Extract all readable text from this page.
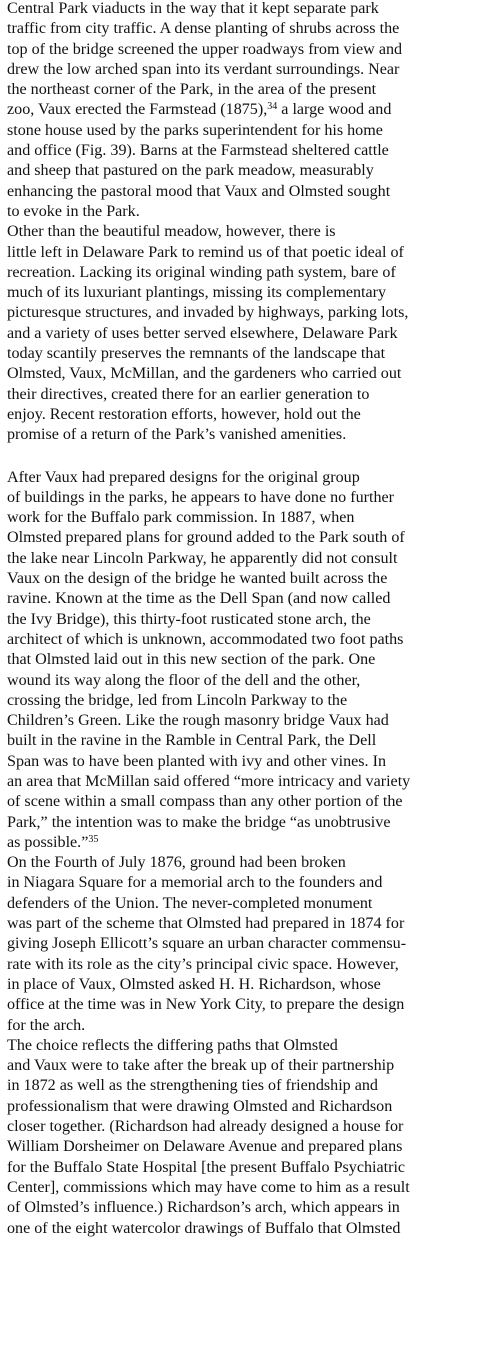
Central Park viaducts in the way that it kept separate park
traffic from city traffic. A dense planting of shrubs across the
top of the bridge screened the upper roadways from view and
drew the low arched span into its verdant surroundings. Near
the northeast corner of the Park, in the area of the present
zoo, Vaux erected the Farmstead (1875),$^{34}$ a large wood and
stone house used by the parks superintendent for his home
and office (Fig. 39). Barns at the Farmstead sheltered cattle
and sheep that pastured on the park meadow, measurably
enhancing the pastoral mood that Vaux and Olmsted sought
to evoke in the Park.

Other than the beautiful meadow, however, there is
little left in Delaware Park to remind us of that poetic ideal of
recreation. Lacking its original winding path system, bare of
much of its luxuriant plantings, missing its complementary
picturesque structures, and invaded by highways, parking lots,
and a variety of uses better served elsewhere, Delaware Park
today scantily preserves the remnants of the landscape that
Olmsted, Vaux, McMillan, and the gardeners who carried out
their directives, created there for an earlier generation to
enjoy. Recent restoration efforts, however, hold out the
promise of a return of the Park’s vanished amenities.

After Vaux had prepared designs for the original group
of buildings in the parks, he appears to have done no further
work for the Buffalo park commission. In 1887, when
Olmsted prepared plans for ground added to the Park south of
the lake near Lincoln Parkway, he apparently did not consult
Vaux on the design of the bridge he wanted built across the
ravine. Known at the time as the Dell Span (and now called
the Ivy Bridge), this thirty-foot rusticated stone arch, the
architect of which is unknown, accommodated two foot paths
that Olmsted laid out in this new section of the park. One
wound its way along the floor of the dell and the other,
crossing the bridge, led from Lincoln Parkway to the
Children’s Green. Like the rough masonry bridge Vaux had
built in the ravine in the Ramble in Central Park, the Dell
Span was to have been planted with ivy and other vines. In
an area that McMillan said offered “more intricacy and variety
of scene within a small compass than any other portion of the
Park,” the intention was to make the bridge “as unobtrusive
as possible.”$^{35}$

On the Fourth of July 1876, ground had been broken
in Niagara Square for a memorial arch to the founders and
defenders of the Union. The never-completed monument
was part of the scheme that Olmsted had prepared in 1874 for
giving Joseph Ellicott’s square an urban character commensu-
rate with its role as the city’s principal civic space. However,
in place of Vaux, Olmsted asked H. H. Richardson, whose
office at the time was in New York City, to prepare the design
for the arch.

The choice reflects the differing paths that Olmsted
and Vaux were to take after the break up of their partnership
in 1872 as well as the strengthening ties of friendship and
professionalism that were drawing Olmsted and Richardson
closer together. (Richardson had already designed a house for
William Dorsheimer on Delaware Avenue and prepared plans
for the Buffalo State Hospital [the present Buffalo Psychiatric
Center], commissions which may have come to him as a result
of Olmsted’s influence.) Richardson’s arch, which appears in
one of the eight watercolor drawings of Buffalo that Olmsted
